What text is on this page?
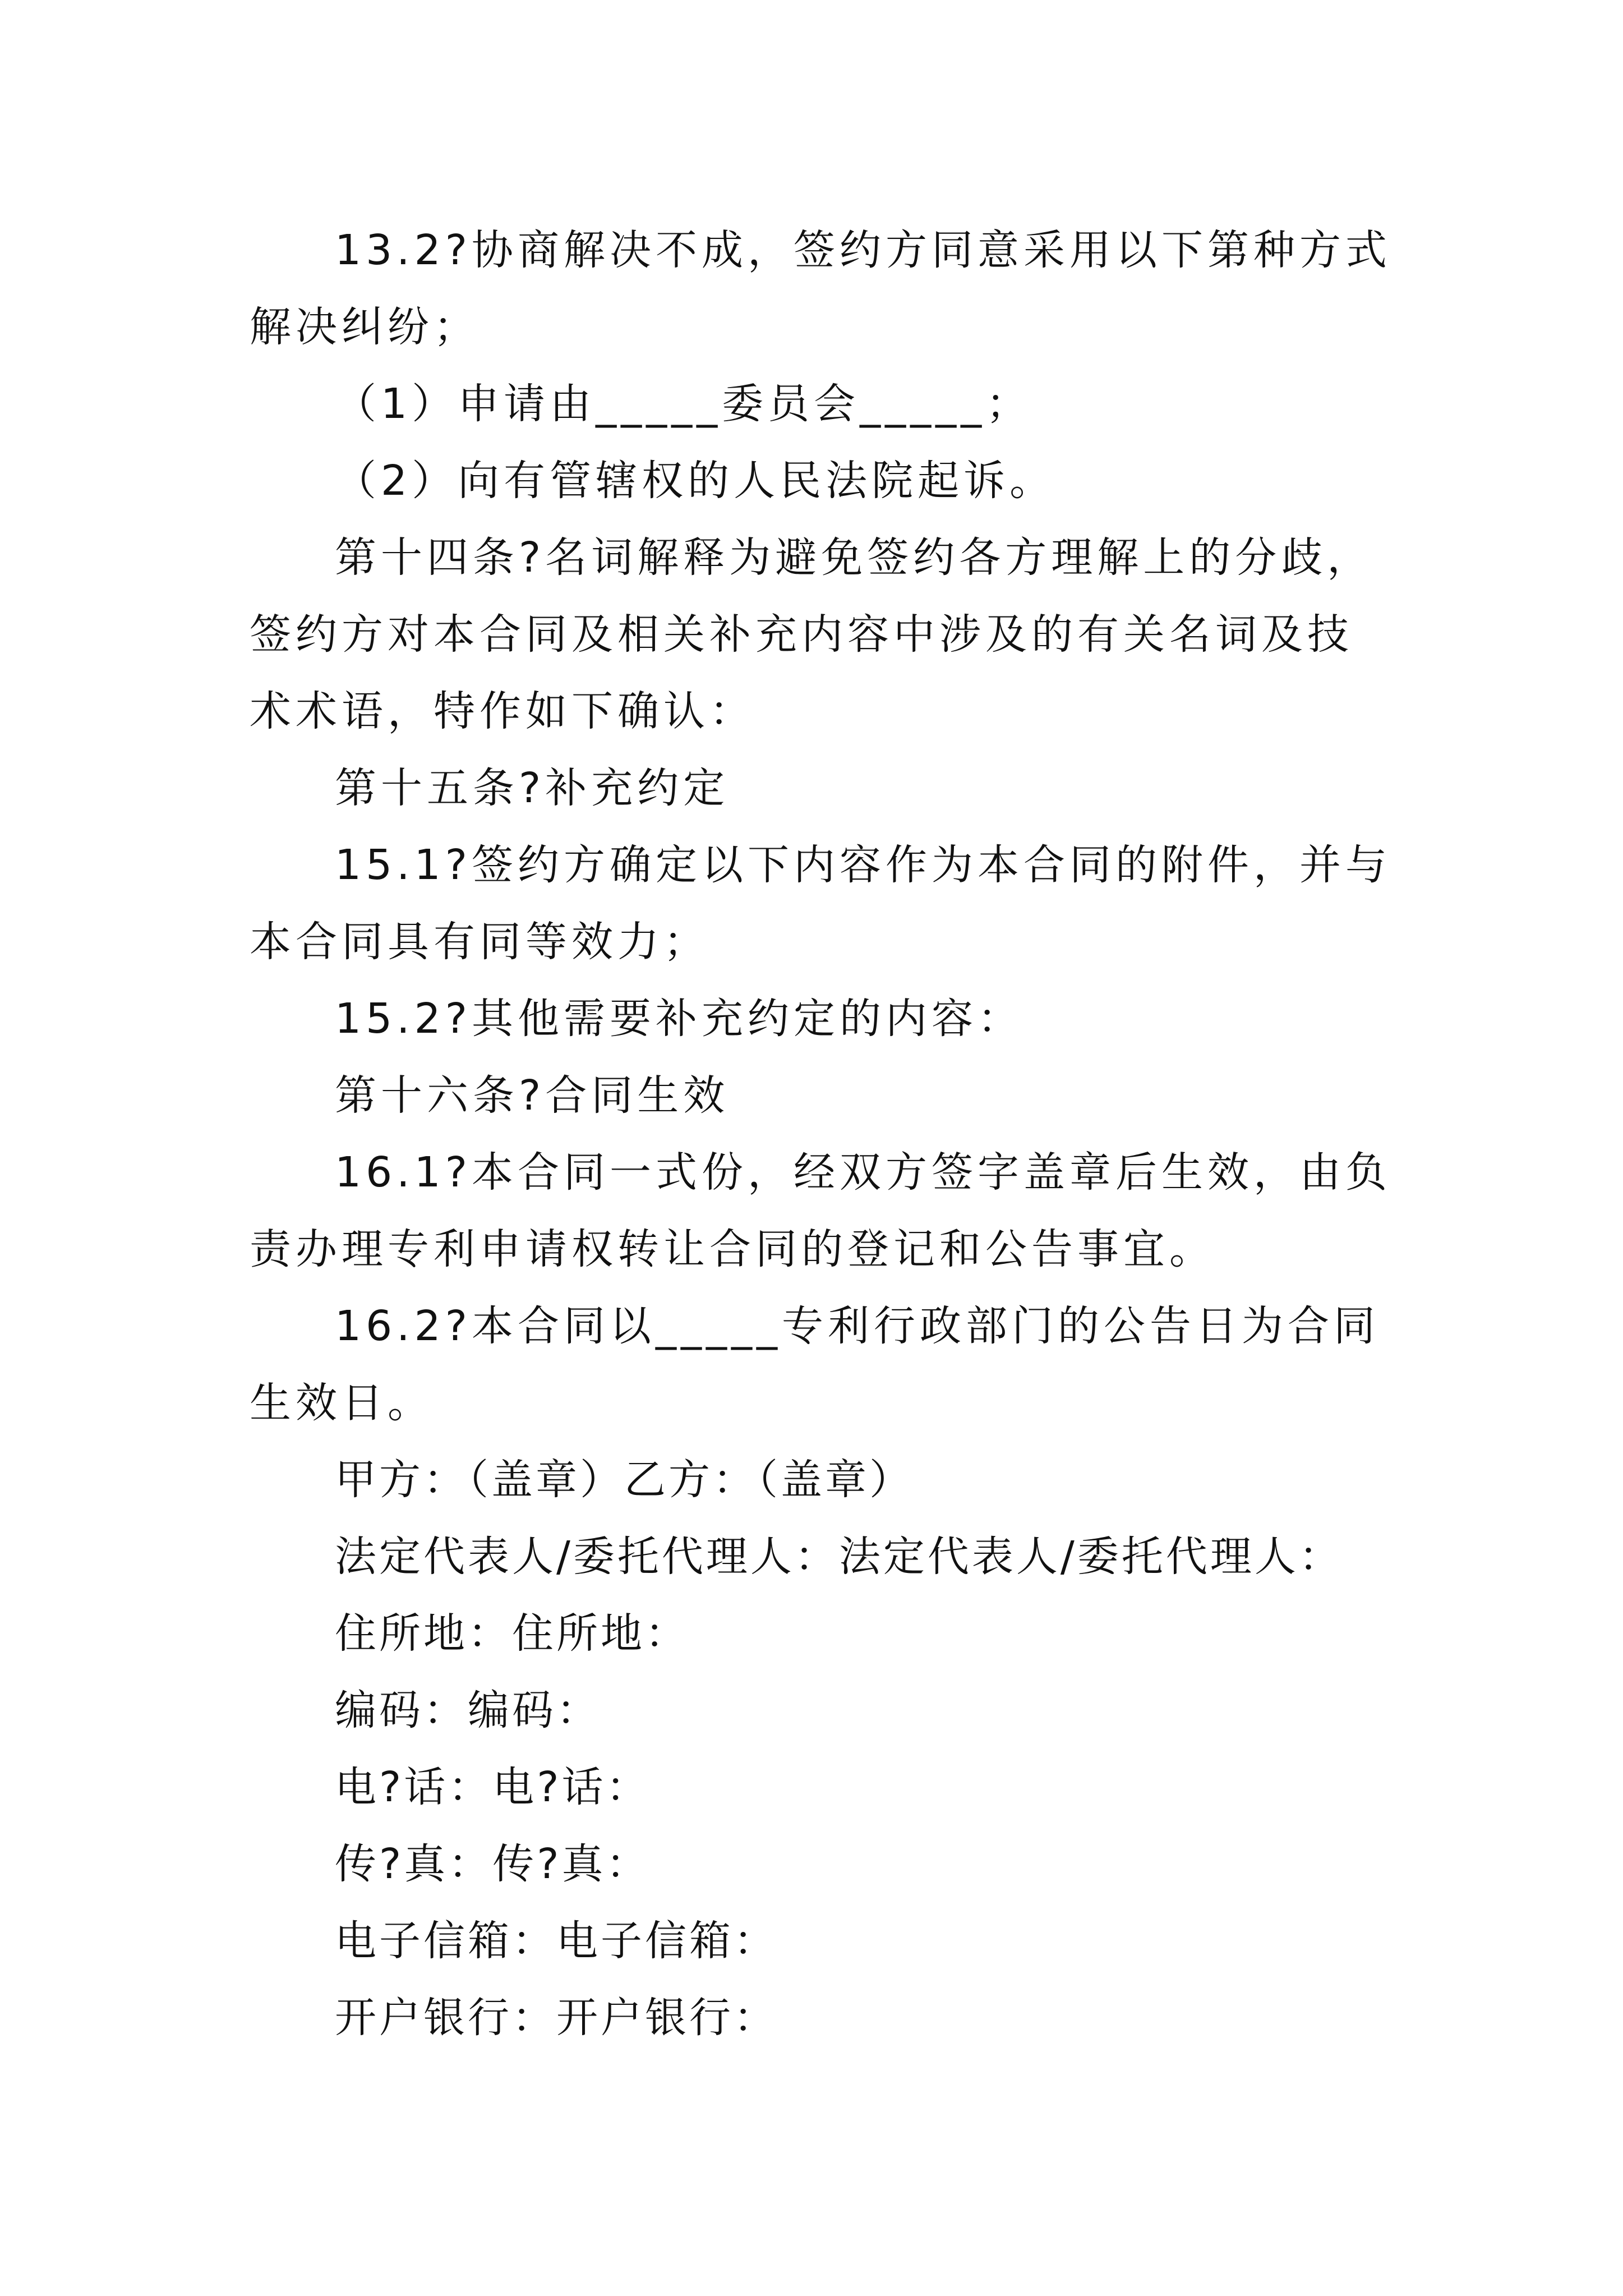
13.2?协商解决不成，签约方同意采用以下第种方式解决纠纷；

（1）申请由_____委员会_____；

（2）向有管辖权的人民法院起诉。

第十四条?名词解释为避免签约各方理解上的分歧，签约方对本合同及相关补充内容中涉及的有关名词及技术术语，特作如下确认：

第十五条?补充约定

15.1?签约方确定以下内容作为本合同的附件，并与本合同具有同等效力；

15.2?其他需要补充约定的内容：

第十六条?合同生效

16.1?本合同一式份，经双方签字盖章后生效，由负责办理专利申请权转让合同的登记和公告事宜。

16.2?本合同以_____专利行政部门的公告日为合同生效日。

甲方：（盖章）乙方：（盖章）

法定代表人/委托代理人：法定代表人/委托代理人：

住所地：住所地：

编码：编码：

电?话：电?话：

传?真：传?真：

电子信箱：电子信箱：

开户银行：开户银行：
